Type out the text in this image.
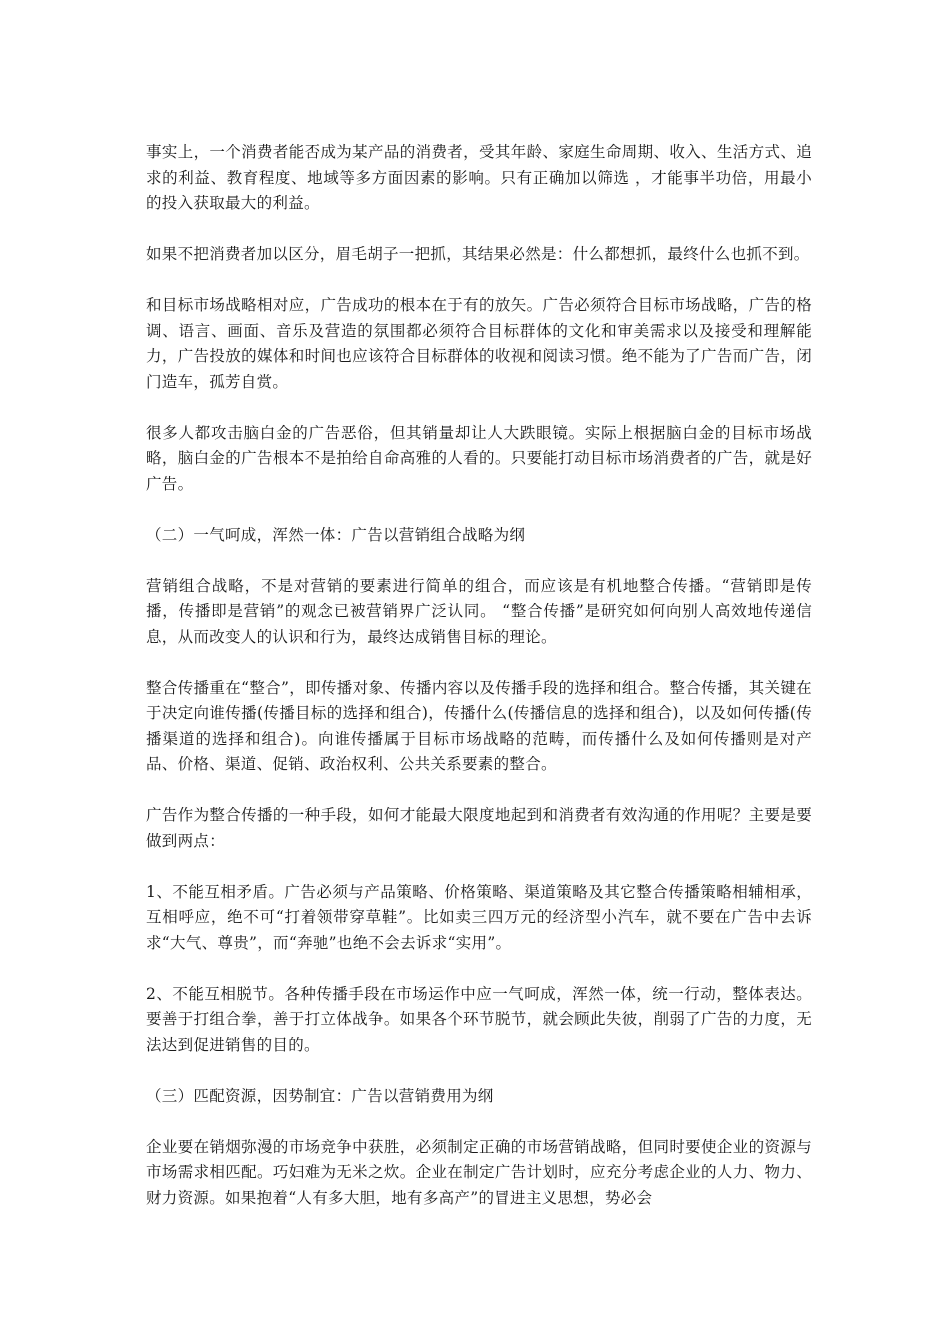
事实上，一个消费者能否成为某产品的消费者，受其年龄、家庭生命周期、收入、生活方式、追求的利益、教育程度、地域等多方面因素的影响。只有正确加以筛选 ，才能事半功倍，用最小的投入获取最大的利益。

如果不把消费者加以区分，眉毛胡子一把抓，其结果必然是：什么都想抓，最终什么也抓不到。

和目标市场战略相对应，广告成功的根本在于有的放矢。广告必须符合目标市场战略，广告的格调、语言、画面、音乐及营造的氛围都必须符合目标群体的文化和审美需求以及接受和理解能力，广告投放的媒体和时间也应该符合目标群体的收视和阅读习惯。绝不能为了广告而广告，闭门造车，孤芳自赏。

很多人都攻击脑白金的广告恶俗，但其销量却让人大跌眼镜。实际上根据脑白金的目标市场战略，脑白金的广告根本不是拍给自命高雅的人看的。只要能打动目标市场消费者的广告，就是好广告。

（二）一气呵成，浑然一体：广告以营销组合战略为纲

营销组合战略，不是对营销的要素进行简单的组合，而应该是有机地整合传播。“营销即是传播，传播即是营销”的观念已被营销界广泛认同。 “整合传播”是研究如何向别人高效地传递信息，从而改变人的认识和行为，最终达成销售目标的理论。

整合传播重在“整合”，即传播对象、传播内容以及传播手段的选择和组合。整合传播，其关键在于决定向谁传播(传播目标的选择和组合)，传播什么(传播信息的选择和组合)，以及如何传播(传播渠道的选择和组合)。向谁传播属于目标市场战略的范畴，而传播什么及如何传播则是对产品、价格、渠道、促销、政治权利、公共关系要素的整合。

广告作为整合传播的一种手段，如何才能最大限度地起到和消费者有效沟通的作用呢？主要是要做到两点：

1、不能互相矛盾。广告必须与产品策略、价格策略、渠道策略及其它整合传播策略相辅相承，互相呼应，绝不可“打着领带穿草鞋”。比如卖三四万元的经济型小汽车，就不要在广告中去诉求“大气、尊贵”，而“奔驰”也绝不会去诉求“实用”。

2、不能互相脱节。各种传播手段在市场运作中应一气呵成，浑然一体，统一行动，整体表达。要善于打组合拳，善于打立体战争。如果各个环节脱节，就会顾此失彼，削弱了广告的力度，无法达到促进销售的目的。

（三）匹配资源，因势制宜：广告以营销费用为纲

企业要在销烟弥漫的市场竞争中获胜，必须制定正确的市场营销战略，但同时要使企业的资源与市场需求相匹配。巧妇难为无米之炊。企业在制定广告计划时，应充分考虑企业的人力、物力、财力资源。如果抱着“人有多大胆，地有多高产”的冒进主义思想，势必会
